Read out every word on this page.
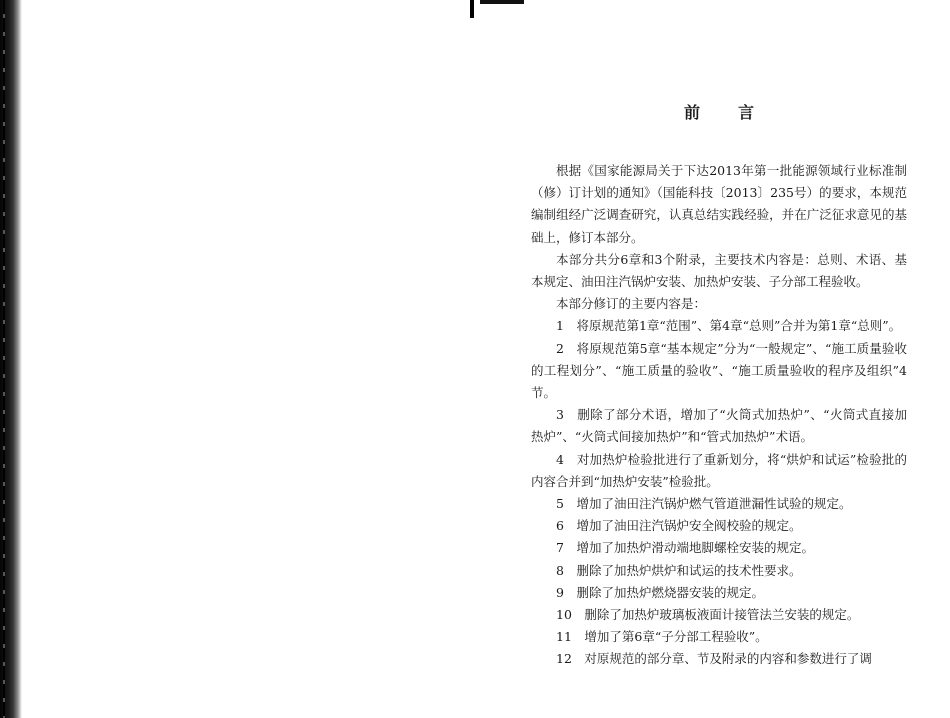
前言

根据《国家能源局关于下达2013年第一批能源领域行业标准制（修）订计划的通知》（国能科技〔2013〕235号）的要求，本规范编制组经广泛调查研究，认真总结实践经验，并在广泛征求意见的基础上，修订本部分。

本部分共分6章和3个附录，主要技术内容是：总则、术语、基本规定、油田注汽锅炉安装、加热炉安装、子分部工程验收。

本部分修订的主要内容是：

1　将原规范第1章“范围”、第4章“总则”合并为第1章“总则”。

2　将原规范第5章“基本规定”分为“一般规定”、“施工质量验收的工程划分”、“施工质量的验收”、“施工质量验收的程序及组织”4节。

3　删除了部分术语，增加了“火筒式加热炉”、“火筒式直接加热炉”、“火筒式间接加热炉”和“管式加热炉”术语。

4　对加热炉检验批进行了重新划分，将“烘炉和试运”检验批的内容合并到“加热炉安装”检验批。

5　增加了油田注汽锅炉燃气管道泄漏性试验的规定。

6　增加了油田注汽锅炉安全阀校验的规定。

7　增加了加热炉滑动端地脚螺栓安装的规定。

8　删除了加热炉烘炉和试运的技术性要求。

9　删除了加热炉燃烧器安装的规定。

10　删除了加热炉玻璃板液面计接管法兰安装的规定。

11　增加了第6章“子分部工程验收”。

12　对原规范的部分章、节及附录的内容和参数进行了调
